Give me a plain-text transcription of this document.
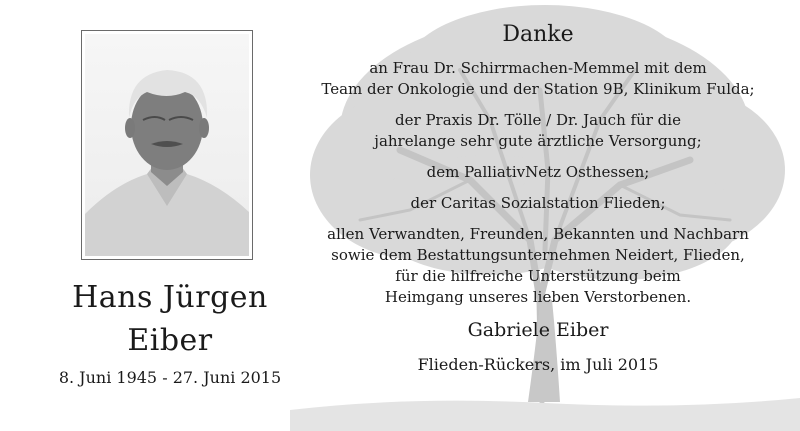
Hans Jürgen
Eiber
8. Juni 1945 - 27. Juni 2015
Danke
an Frau Dr. Schirrmachen-Memmel mit dem
Team der Onkologie und der Station 9B, Klinikum Fulda;
der Praxis Dr. Tölle / Dr. Jauch für die
jahrelange sehr gute ärztliche Versorgung;
dem PalliativNetz Osthessen;
der Caritas Sozialstation Flieden;
allen Verwandten, Freunden, Bekannten und Nachbarn
sowie dem Bestattungsunternehmen Neidert, Flieden,
für die hilfreiche Unterstützung beim
Heimgang unseres lieben Verstorbenen.
Gabriele Eiber
Flieden-Rückers, im Juli 2015
